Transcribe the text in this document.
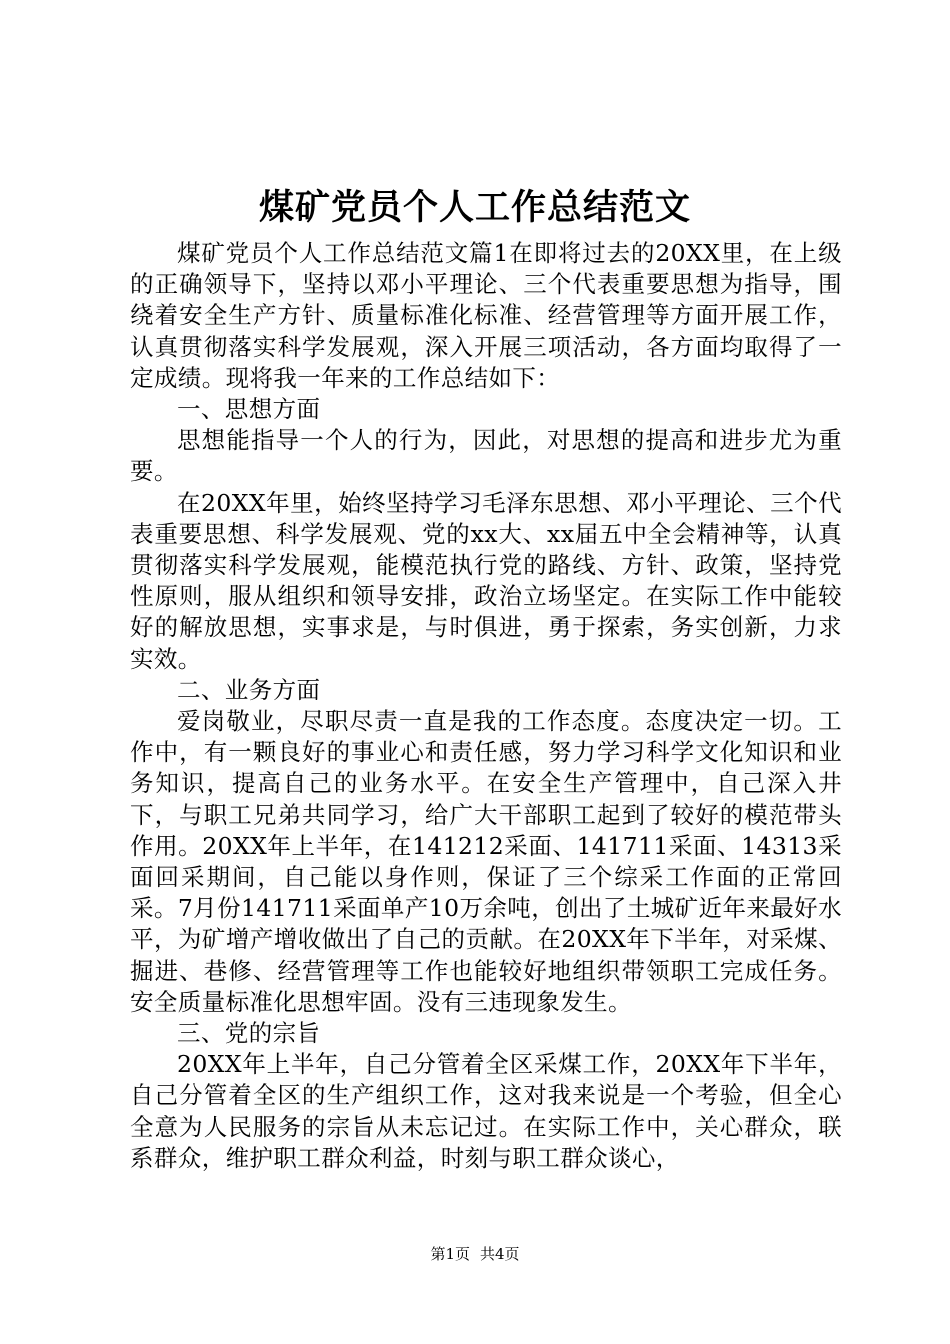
煤矿党员个人工作总结范文

煤矿党员个人工作总结范文篇1在即将过去的20XX里，在上级的正确领导下，坚持以邓小平理论、三个代表重要思想为指导，围绕着安全生产方针、质量标准化标准、经营管理等方面开展工作，认真贯彻落实科学发展观，深入开展三项活动，各方面均取得了一定成绩。现将我一年来的工作总结如下：

一、思想方面

思想能指导一个人的行为，因此，对思想的提高和进步尤为重要。

在20XX年里，始终坚持学习毛泽东思想、邓小平理论、三个代表重要思想、科学发展观、党的xx大、xx届五中全会精神等，认真贯彻落实科学发展观，能模范执行党的路线、方针、政策，坚持党性原则，服从组织和领导安排，政治立场坚定。在实际工作中能较好的解放思想，实事求是，与时俱进，勇于探索，务实创新，力求实效。

二、业务方面

爱岗敬业，尽职尽责一直是我的工作态度。态度决定一切。工作中，有一颗良好的事业心和责任感，努力学习科学文化知识和业务知识，提高自己的业务水平。在安全生产管理中，自己深入井下，与职工兄弟共同学习，给广大干部职工起到了较好的模范带头作用。20XX年上半年，在141212采面、141711采面、14313采面回采期间，自己能以身作则，保证了三个综采工作面的正常回采。7月份141711采面单产10万余吨，创出了土城矿近年来最好水平，为矿增产增收做出了自己的贡献。在20XX年下半年，对采煤、掘进、巷修、经营管理等工作也能较好地组织带领职工完成任务。安全质量标准化思想牢固。没有三违现象发生。

三、党的宗旨

20XX年上半年，自己分管着全区采煤工作，20XX年下半年，自己分管着全区的生产组织工作，这对我来说是一个考验，但全心全意为人民服务的宗旨从未忘记过。在实际工作中，关心群众，联系群众，维护职工群众利益，时刻与职工群众谈心，

第1页 共4页
